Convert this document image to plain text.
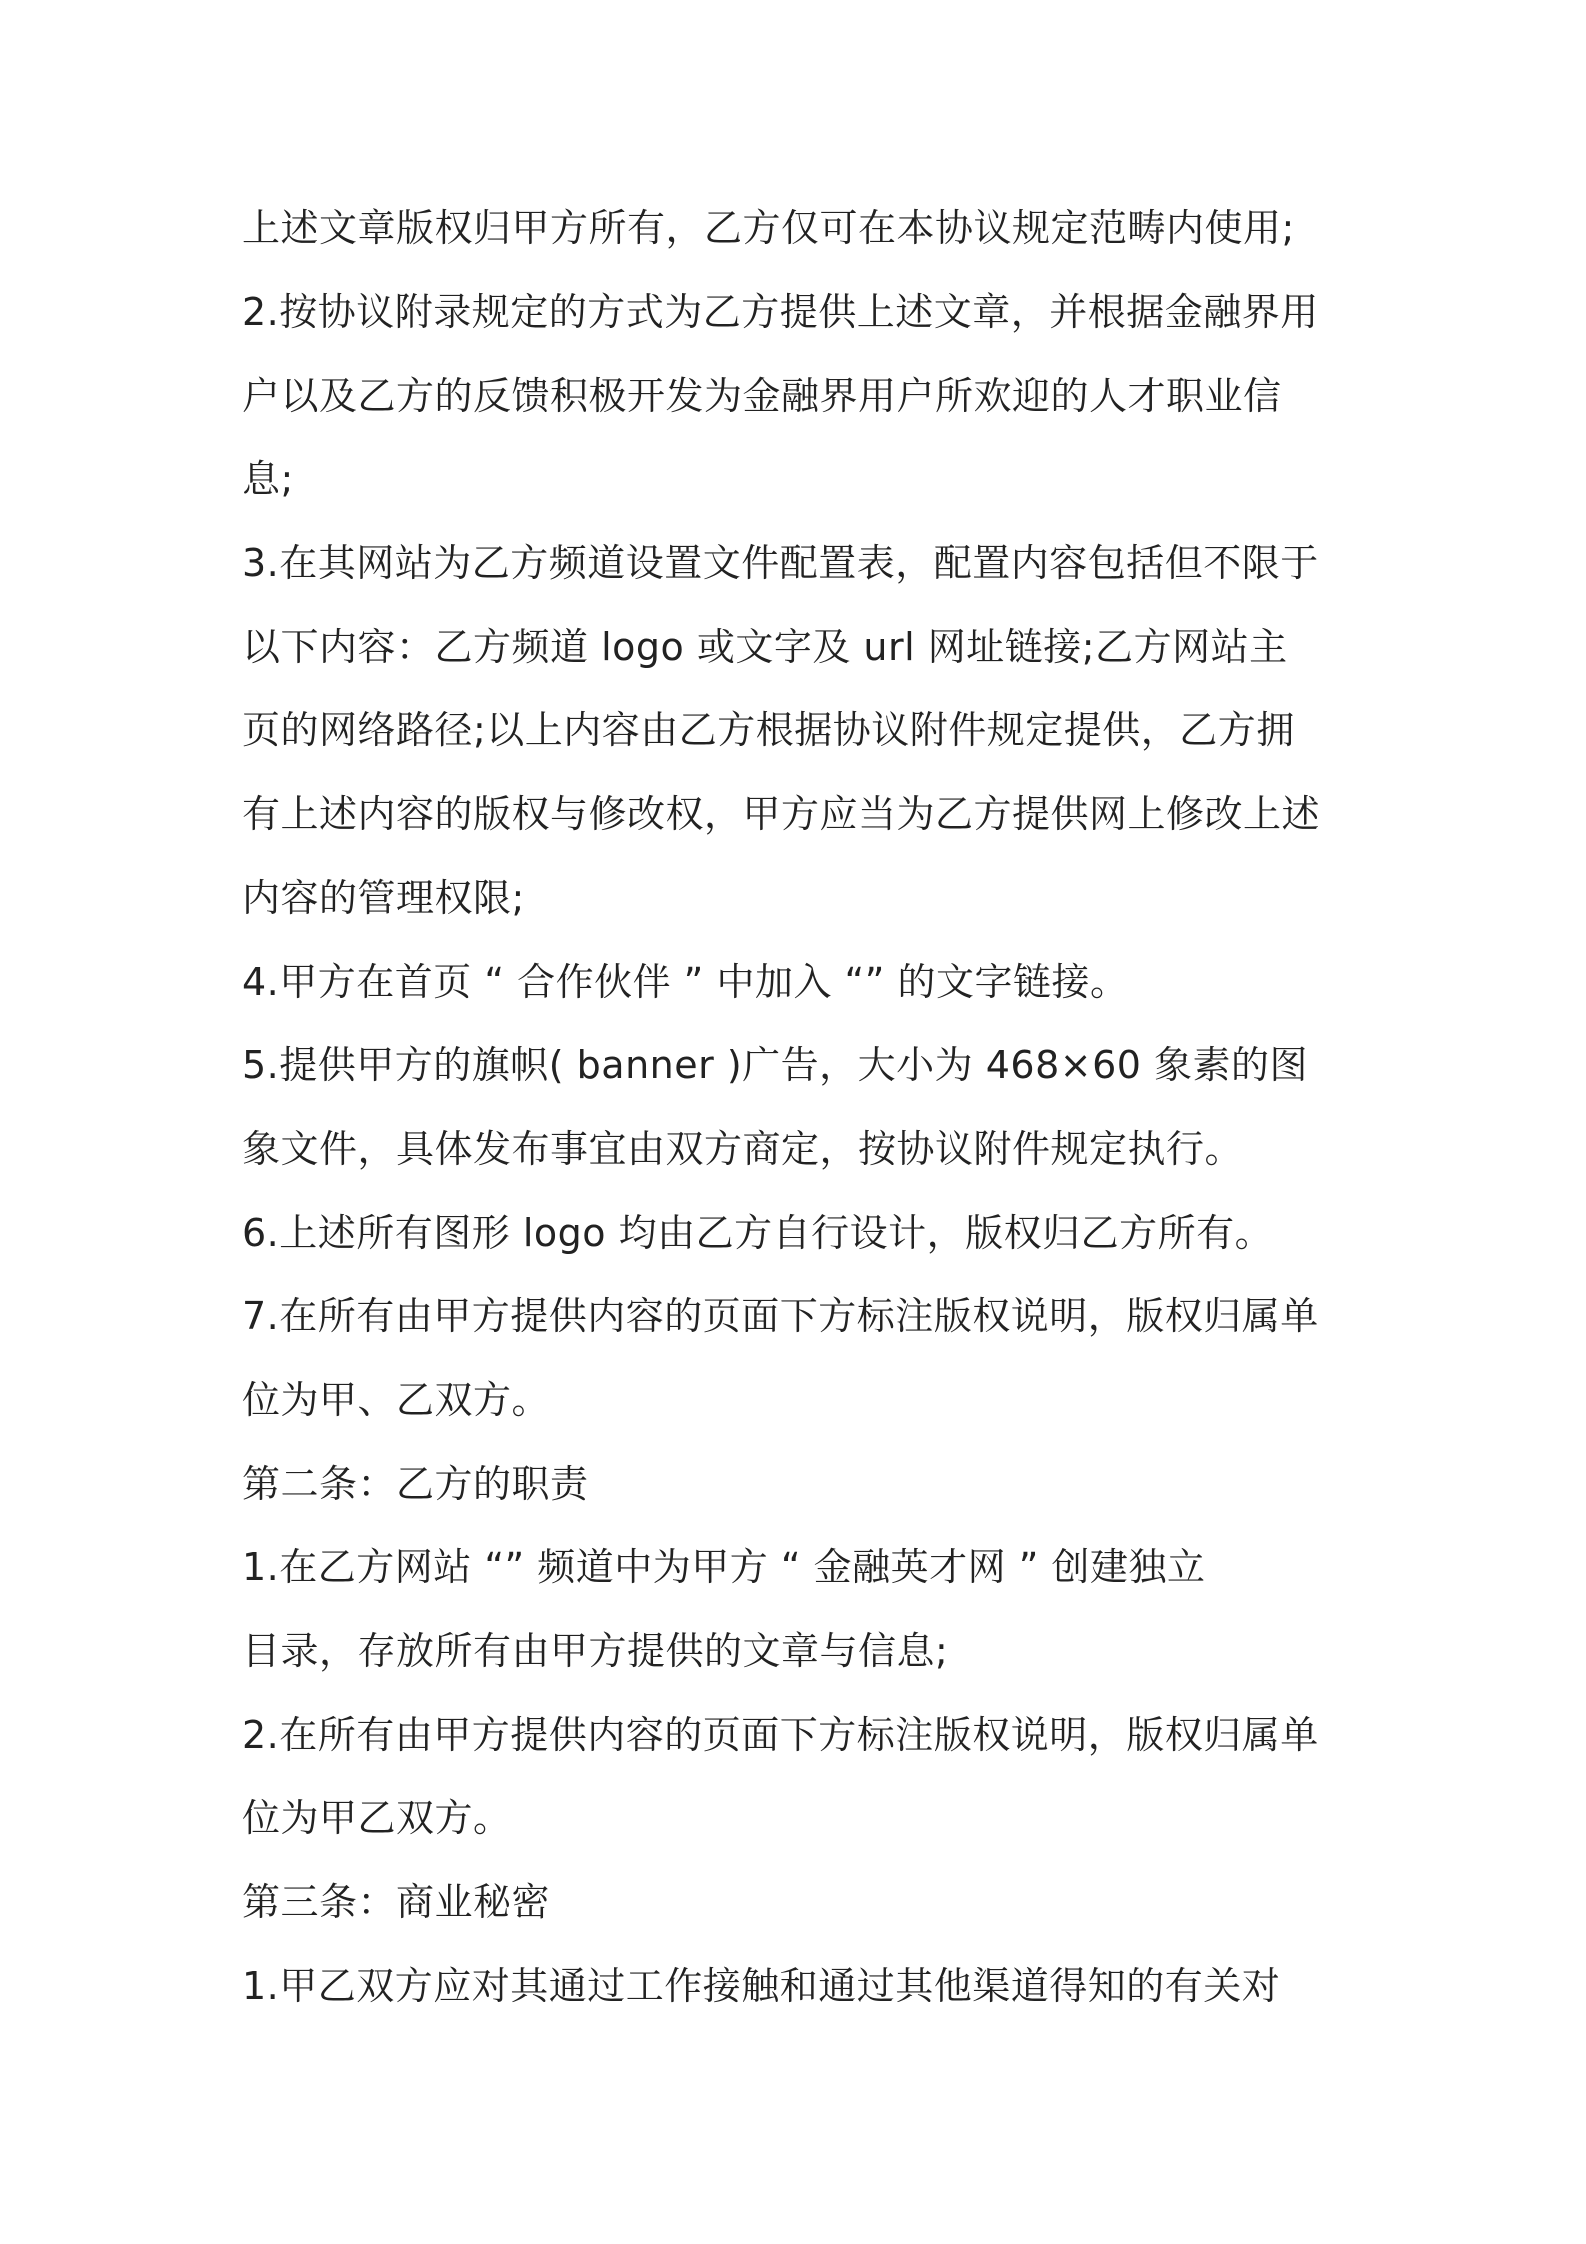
上述文章版权归甲方所有，乙方仅可在本协议规定范畴内使用;

2.按协议附录规定的方式为乙方提供上述文章，并根据金融界用

户以及乙方的反馈积极开发为金融界用户所欢迎的人才职业信

息;

3.在其网站为乙方频道设置文件配置表，配置内容包括但不限于

以下内容：乙方频道 logo 或文字及 url 网址链接;乙方网站主

页的网络路径;以上内容由乙方根据协议附件规定提供，乙方拥

有上述内容的版权与修改权，甲方应当为乙方提供网上修改上述

内容的管理权限;

4.甲方在首页 “ 合作伙伴 ” 中加入 “” 的文字链接。

5.提供甲方的旗帜( banner )广告，大小为 468×60 象素的图

象文件，具体发布事宜由双方商定，按协议附件规定执行。

6.上述所有图形 logo 均由乙方自行设计，版权归乙方所有。

7.在所有由甲方提供内容的页面下方标注版权说明，版权归属单

位为甲、乙双方。

第二条：乙方的职责

1.在乙方网站 “” 频道中为甲方 “ 金融英才网 ” 创建独立

目录，存放所有由甲方提供的文章与信息;

2.在所有由甲方提供内容的页面下方标注版权说明，版权归属单

位为甲乙双方。

第三条：商业秘密

1.甲乙双方应对其通过工作接触和通过其他渠道得知的有关对
